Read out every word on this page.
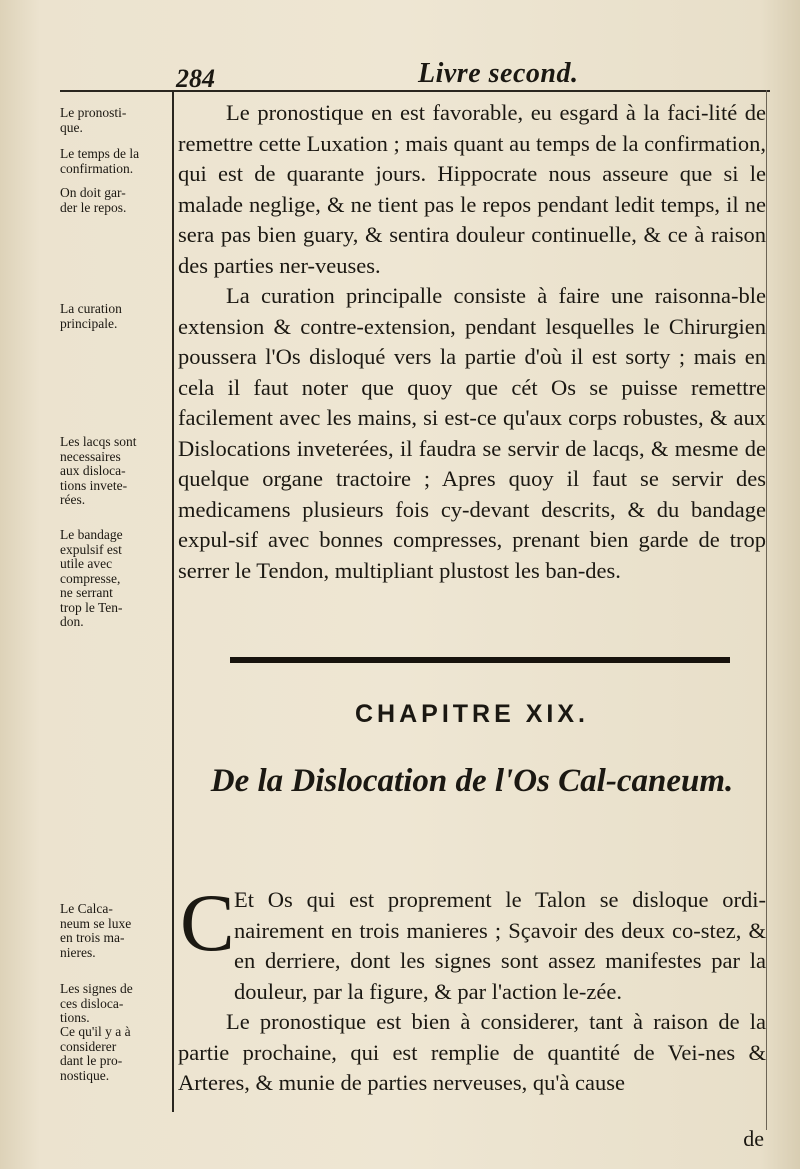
284	Livre second.
Le pronosti-
que.
Le temps de la
confirmation.
On doit gar-
der le repos.
La curation
principale.
Les lacqs sont
necessaires
aux disloca-
tions invete-
rées.
Le bandage
expulsif est
utile avec
compresse,
ne serrant
trop le Ten-
don.
Le Calca-
neum se luxe
en trois ma-
nieres.
Les signes de
ces disloca-
tions.
Ce qu'il y a à
considerer
dant le pro-
nostique.

Le pronostique en est favorable, eu esgard à la faci-lité de remettre cette Luxation ; mais quant au temps de la confirmation, qui est de quarante jours. Hippocrate nous asseure que si le malade neglige, & ne tient pas le repos pendant ledit temps, il ne sera pas bien guary, & sentira douleur continuelle, & ce à raison des parties ner-veuses.

La curation principalle consiste à faire une raisonna-ble extension & contre-extension, pendant lesquelles le Chirurgien poussera l'Os disloqué vers la partie d'où il est sorty ; mais en cela il faut noter que quoy que cét Os se puisse remettre facilement avec les mains, si est-ce qu'aux corps robustes, & aux Dislocations inveterées, il faudra se servir de lacqs, & mesme de quelque organe tractoire ; Apres quoy il faut se servir des medicamens plusieurs fois cy-devant descrits, & du bandage expul-sif avec bonnes compresses, prenant bien garde de trop serrer le Tendon, multipliant plustost les ban-des.

CHAPITRE XIX.
De la Dislocation de l'Os Cal-caneum.
C Et Os qui est proprement le Talon se disloque ordi-nairement en trois manieres ; Sçavoir des deux co-stez, & en derriere, dont les signes sont assez manifestes par la douleur, par la figure, & par l'action le-zée.
Le pronostique est bien à considerer, tant à raison de la partie prochaine, qui est remplie de quantité de Vei-nes & Arteres, & munie de parties nerveuses, qu'à cause
de
